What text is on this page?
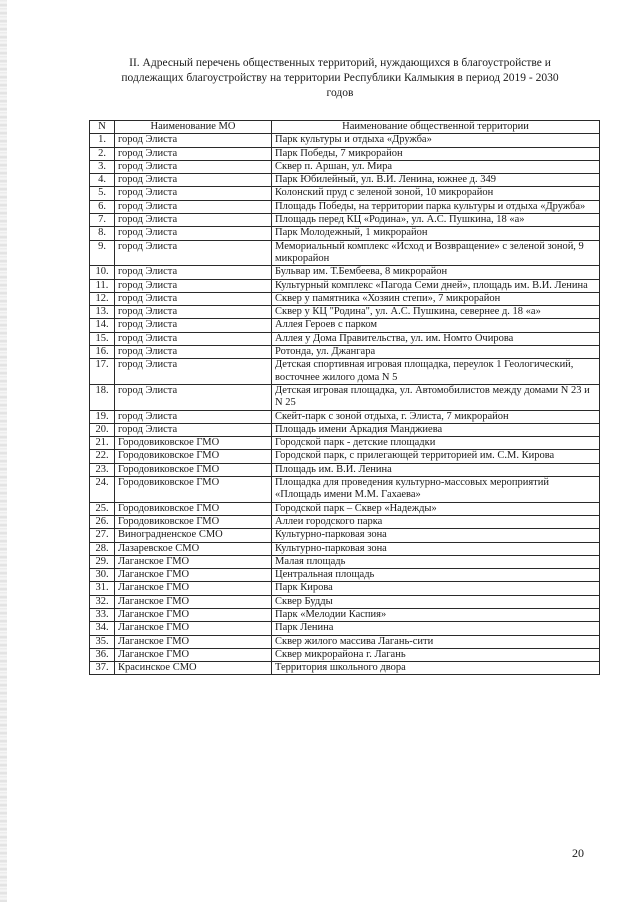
II. Адресный перечень общественных территорий, нуждающихся в благоустройстве и
подлежащих благоустройству на территории Республики Калмыкия в период 2019 - 2030
годов
N	Наименование МО	Наименование общественной территории
1.	город Элиста	Парк культуры и отдыха «Дружба»
2.	город Элиста	Парк Победы, 7 микрорайон
3.	город Элиста	Сквер п. Аршан, ул. Мира
4.	город Элиста	Парк Юбилейный, ул. В.И. Ленина, южнее д. 349
5.	город Элиста	Колонский пруд с зеленой зоной, 10 микрорайон
6.	город Элиста	Площадь Победы, на территории парка культуры и отдыха «Дружба»
7.	город Элиста	Площадь перед КЦ «Родина», ул. А.С. Пушкина, 18 «а»
8.	город Элиста	Парк Молодежный, 1 микрорайон
9.	город Элиста	Мемориальный комплекс «Исход и Возвращение» с зеленой зоной, 9 микрорайон
10.	город Элиста	Бульвар им. Т.Бембеева, 8 микрорайон
11.	город Элиста	Культурный комплекс «Пагода Семи дней», площадь им. В.И. Ленина
12.	город Элиста	Сквер у памятника «Хозяин степи», 7 микрорайон
13.	город Элиста	Сквер у КЦ "Родина", ул. А.С. Пушкина, севернее д. 18 «а»
14.	город Элиста	Аллея Героев с парком
15.	город Элиста	Аллея у Дома Правительства, ул. им. Номто Очирова
16.	город Элиста	Ротонда, ул. Джангара
17.	город Элиста	Детская спортивная игровая площадка, переулок 1 Геологический, восточнее жилого дома N 5
18.	город Элиста	Детская игровая площадка, ул. Автомобилистов между домами N 23 и N 25
19.	город Элиста	Скейт-парк с зоной отдыха, г. Элиста, 7 микрорайон
20.	город Элиста	Площадь имени Аркадия Манджиева
21.	Городовиковское ГМО	Городской парк - детские площадки
22.	Городовиковское ГМО	Городской парк, с прилегающей территорией им. С.М. Кирова
23.	Городовиковское ГМО	Площадь им. В.И. Ленина
24.	Городовиковское ГМО	Площадка для проведения культурно-массовых мероприятий «Площадь имени М.М. Гахаева»
25.	Городовиковское ГМО	Городской парк – Сквер «Надежды»
26.	Городовиковское ГМО	Аллеи городского парка
27.	Виноградненское СМО	Культурно-парковая зона
28.	Лазаревское СМО	Культурно-парковая зона
29.	Лаганское ГМО	Малая площадь
30.	Лаганское ГМО	Центральная площадь
31.	Лаганское ГМО	Парк Кирова
32.	Лаганское ГМО	Сквер Будды
33.	Лаганское ГМО	Парк «Мелодии Каспия»
34.	Лаганское ГМО	Парк Ленина
35.	Лаганское ГМО	Сквер жилого массива Лагань-сити
36.	Лаганское ГМО	Сквер микрорайона г. Лагань
37.	Красинское СМО	Территория школьного двора
20
